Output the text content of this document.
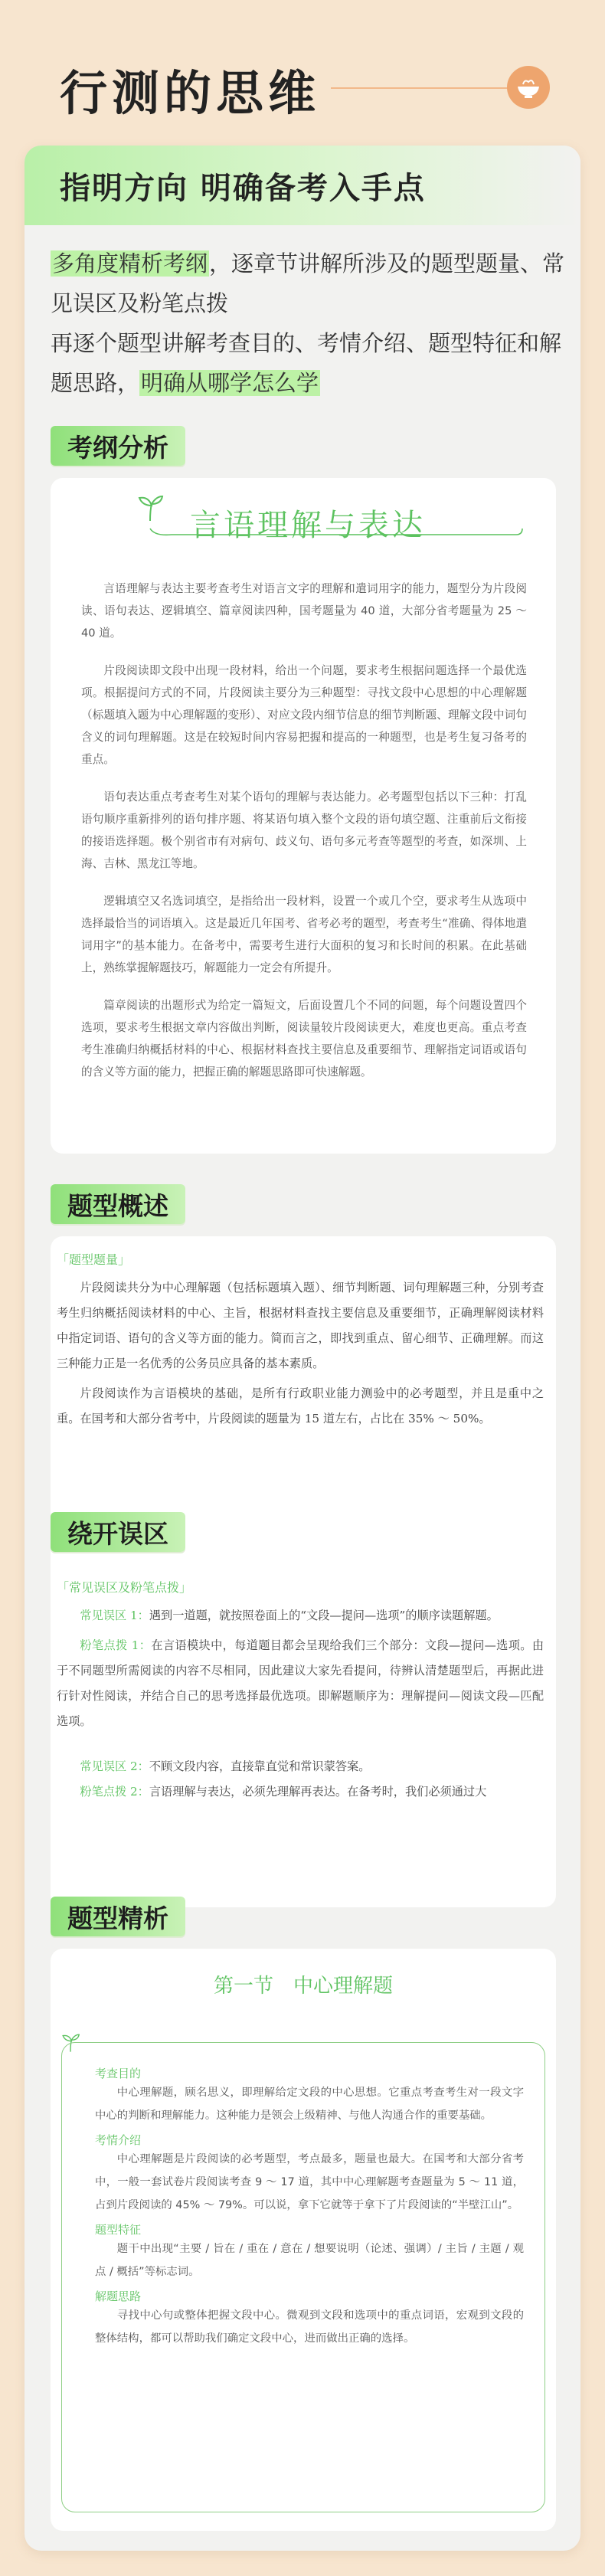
行测的思维
指明方向 明确备考入手点
多角度精析考纲，逐章节讲解所涉及的题型题量、常见误区及粉笔点拨
再逐个题型讲解考查目的、考情介绍、题型特征和解题思路，明确从哪学怎么学
考纲分析
言语理解与表达

言语理解与表达主要考查考生对语言文字的理解和遣词用字的能力，题型分为片段阅读、语句表达、逻辑填空、篇章阅读四种，国考题量为 40 道，大部分省考题量为 25 ～ 40 道。

片段阅读即文段中出现一段材料，给出一个问题，要求考生根据问题选择一个最优选项。根据提问方式的不同，片段阅读主要分为三种题型：寻找文段中心思想的中心理解题（标题填入题为中心理解题的变形）、对应文段内细节信息的细节判断题、理解文段中词句含义的词句理解题。这是在较短时间内容易把握和提高的一种题型，也是考生复习备考的重点。

语句表达重点考查考生对某个语句的理解与表达能力。必考题型包括以下三种：打乱语句顺序重新排列的语句排序题、将某语句填入整个文段的语句填空题、注重前后文衔接的接语选择题。极个别省市有对病句、歧义句、语句多元考查等题型的考查，如深圳、上海、吉林、黑龙江等地。

逻辑填空又名选词填空，是指给出一段材料，设置一个或几个空，要求考生从选项中选择最恰当的词语填入。这是最近几年国考、省考必考的题型，考查考生“准确、得体地遣词用字”的基本能力。在备考中，需要考生进行大面积的复习和长时间的积累。在此基础上，熟练掌握解题技巧，解题能力一定会有所提升。

篇章阅读的出题形式为给定一篇短文，后面设置几个不同的问题，每个问题设置四个选项，要求考生根据文章内容做出判断，阅读量较片段阅读更大，难度也更高。重点考查考生准确归纳概括材料的中心、根据材料查找主要信息及重要细节、理解指定词语或语句的含义等方面的能力，把握正确的解题思路即可快速解题。

题型概述
「题型题量」

片段阅读共分为中心理解题（包括标题填入题）、细节判断题、词句理解题三种，分别考查考生归纳概括阅读材料的中心、主旨，根据材料查找主要信息及重要细节，正确理解阅读材料中指定词语、语句的含义等方面的能力。简而言之，即找到重点、留心细节、正确理解。而这三种能力正是一名优秀的公务员应具备的基本素质。

片段阅读作为言语模块的基础，是所有行政职业能力测验中的必考题型，并且是重中之重。在国考和大部分省考中，片段阅读的题量为 15 道左右，占比在 35% ～ 50%。

绕开误区
「常见误区及粉笔点拨」

常见误区 1：遇到一道题，就按照卷面上的“文段—提问—选项”的顺序读题解题。

粉笔点拨 1：在言语模块中，每道题目都会呈现给我们三个部分：文段—提问—选项。由于不同题型所需阅读的内容不尽相同，因此建议大家先看提问，待辨认清楚题型后，再据此进行针对性阅读，并结合自己的思考选择最优选项。即解题顺序为：理解提问—阅读文段—匹配选项。

常见误区 2：不顾文段内容，直接靠直觉和常识蒙答案。

粉笔点拨 2：言语理解与表达，必须先理解再表达。在备考时，我们必须通过大

题型精析
第一节　中心理解题
考查目的

中心理解题，顾名思义，即理解给定文段的中心思想。它重点考查考生对一段文字中心的判断和理解能力。这种能力是领会上级精神、与他人沟通合作的重要基础。

考情介绍

中心理解题是片段阅读的必考题型，考点最多，题量也最大。在国考和大部分省考中，一般一套试卷片段阅读考查 9 ～ 17 道，其中中心理解题考查题量为 5 ～ 11 道，占到片段阅读的 45% ～ 79%。可以说，拿下它就等于拿下了片段阅读的“半壁江山”。

题型特征

题干中出现“主要 / 旨在 / 重在 / 意在 / 想要说明（论述、强调）/ 主旨 / 主题 / 观点 / 概括”等标志词。

解题思路

寻找中心句或整体把握文段中心。微观到文段和选项中的重点词语，宏观到文段的整体结构，都可以帮助我们确定文段中心，进而做出正确的选择。
